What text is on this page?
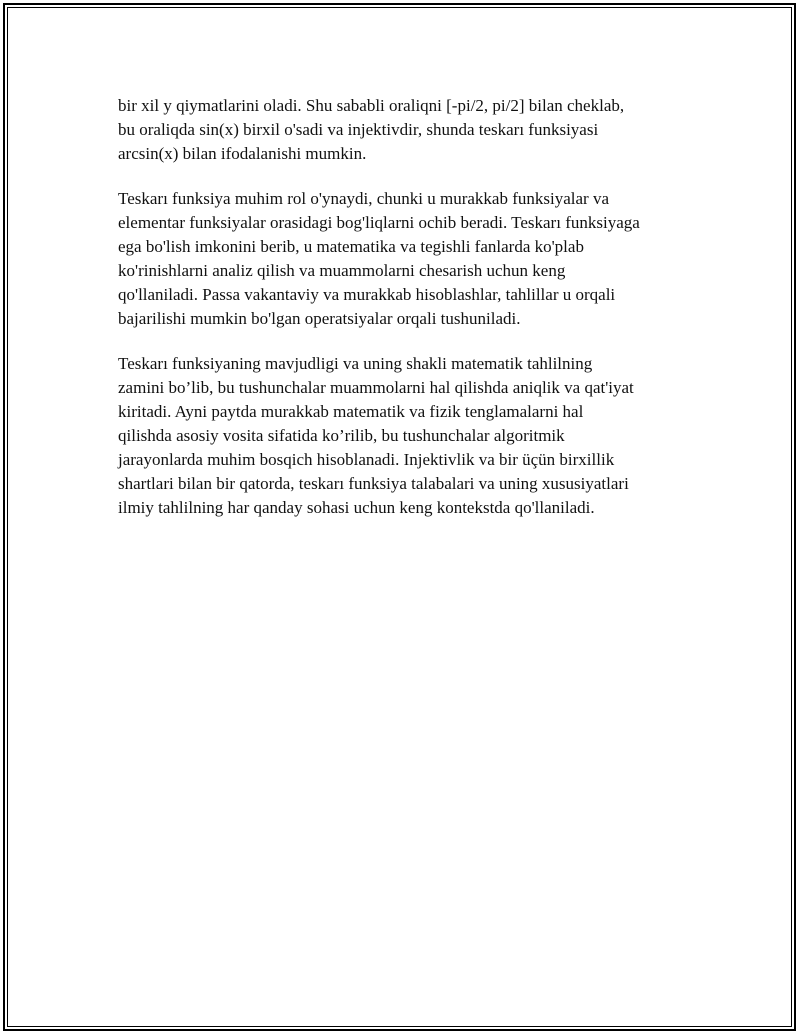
bir xil y qiymatlarini oladi. Shu sababli oraliqni [-pi/2, pi/2] bilan cheklab,
bu oraliqda sin(x) birxil o'sadi va injektivdir, shunda teskarı funksiyasi
arcsin(x) bilan ifodalanishi mumkin.

Teskarı funksiya muhim rol o'ynaydi, chunki u murakkab funksiyalar va
elementar funksiyalar orasidagi bog'liqlarni ochib beradi. Teskarı funksiyaga
ega bo'lish imkonini berib, u matematika va tegishli fanlarda ko'plab
ko'rinishlarni analiz qilish va muammolarni chesarish uchun keng
qo'llaniladi. Passa vakantaviy va murakkab hisoblashlar, tahlillar u orqali
bajarilishi mumkin bo'lgan operatsiyalar orqali tushuniladi.

Teskarı funksiyaning mavjudligi va uning shakli matematik tahlilning
zamini bo’lib, bu tushunchalar muammolarni hal qilishda aniqlik va qat'iyat
kiritadi. Ayni paytda murakkab matematik va fizik tenglamalarni hal
qilishda asosiy vosita sifatida ko’rilib, bu tushunchalar algoritmik
jarayonlarda muhim bosqich hisoblanadi. Injektivlik va bir üçün birxillik
shartlari bilan bir qatorda, teskarı funksiya talabalari va uning xususiyatlari
ilmiy tahlilning har qanday sohasi uchun keng kontekstda qo'llaniladi.
